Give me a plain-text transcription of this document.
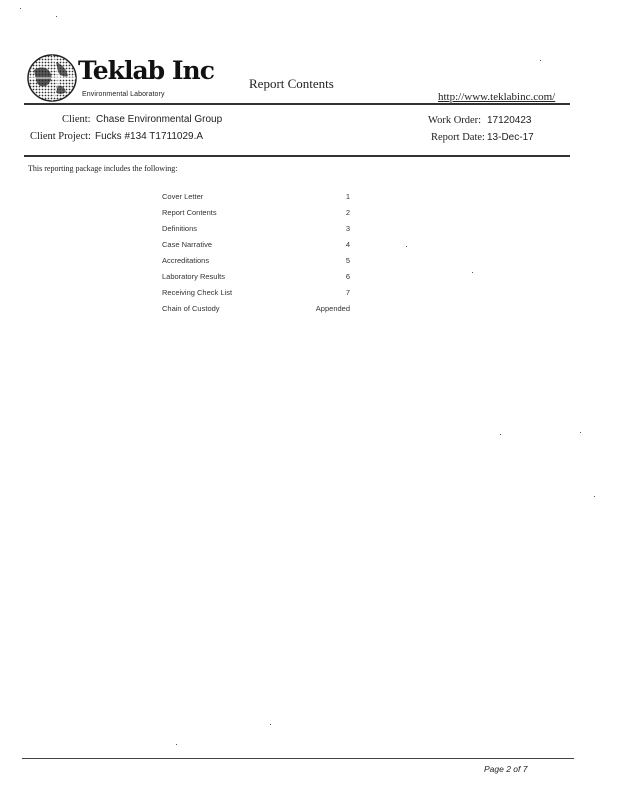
Teklab Inc
Environmental Laboratory
Report Contents
http://www.teklabinc.com/
Client: Chase Environmental Group
Client Project: Fucks #134 T1711029.A
Work Order: 17120423
Report Date: 13-Dec-17
This reporting package includes the following:
Cover Letter	1
Report Contents	2
Definitions	3
Case Narrative	4
Accreditations	5
Laboratory Results	6
Receiving Check List	7
Chain of Custody	Appended
Page 2 of 7
